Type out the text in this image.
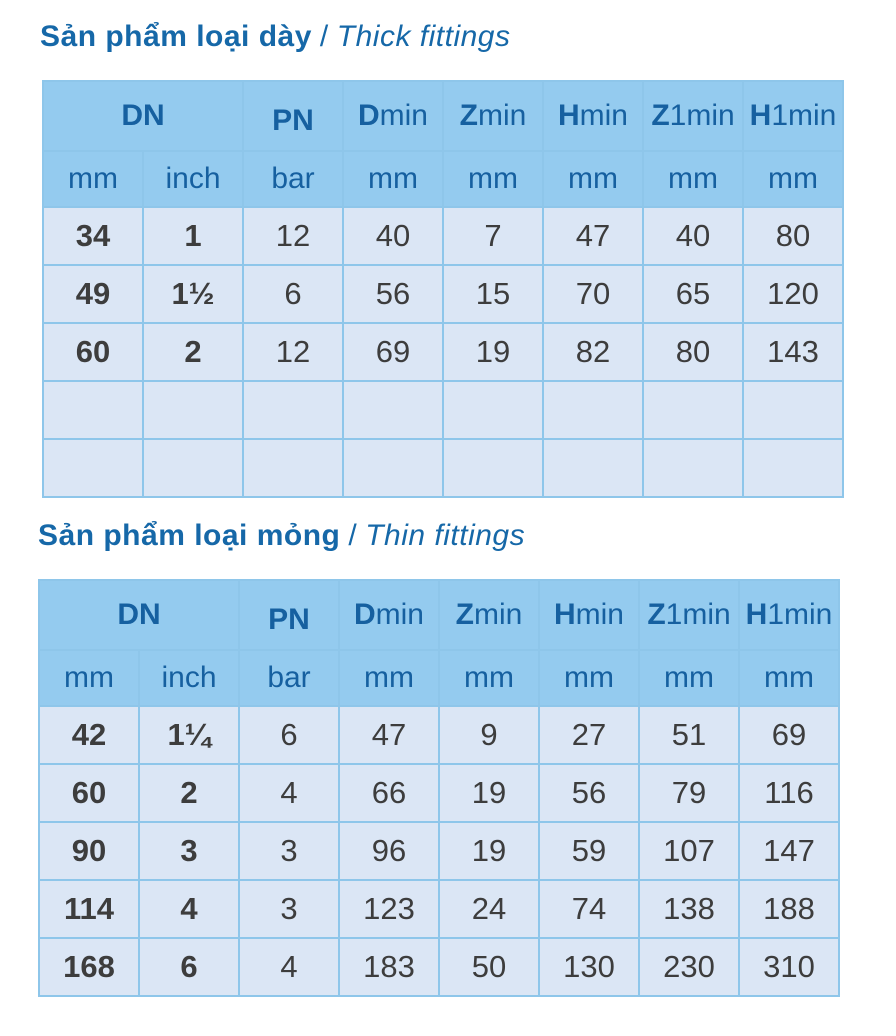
Sản phẩm loại dày / Thick fittings
DN		PN	Dmin	Zmin	Hmin	Z1min	H1min
mm	inch	bar	mm	mm	mm	mm	mm
34	1	12	40	7	47	40	80
49	1½	6	56	15	70	65	120
60	2	12	69	19	82	80	143

Sản phẩm loại mỏng / Thin fittings
DN		PN	Dmin	Zmin	Hmin	Z1min	H1min
mm	inch	bar	mm	mm	mm	mm	mm
42	1¼	6	47	9	27	51	69
60	2	4	66	19	56	79	116
90	3	3	96	19	59	107	147
114	4	3	123	24	74	138	188
168	6	4	183	50	130	230	310
